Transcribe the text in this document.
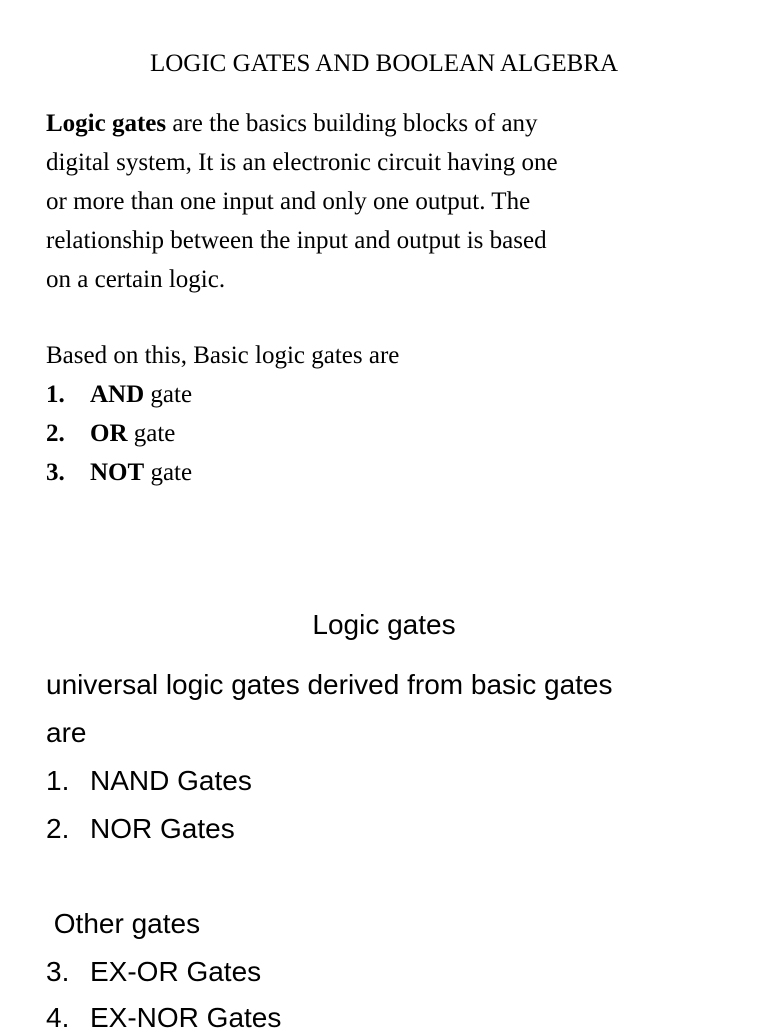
LOGIC GATES AND BOOLEAN ALGEBRA
Logic gates are the basics building blocks of any
digital system, It is an electronic circuit having one
or more than one input and only one output. The
relationship between the input and output is based
on a certain logic.
Based on this, Basic logic gates are
1. AND gate
2. OR gate
3. NOT gate
Logic gates
universal logic gates derived from basic gates
are
1. NAND Gates
2. NOR Gates
Other gates
3. EX-OR Gates
4. EX-NOR Gates
